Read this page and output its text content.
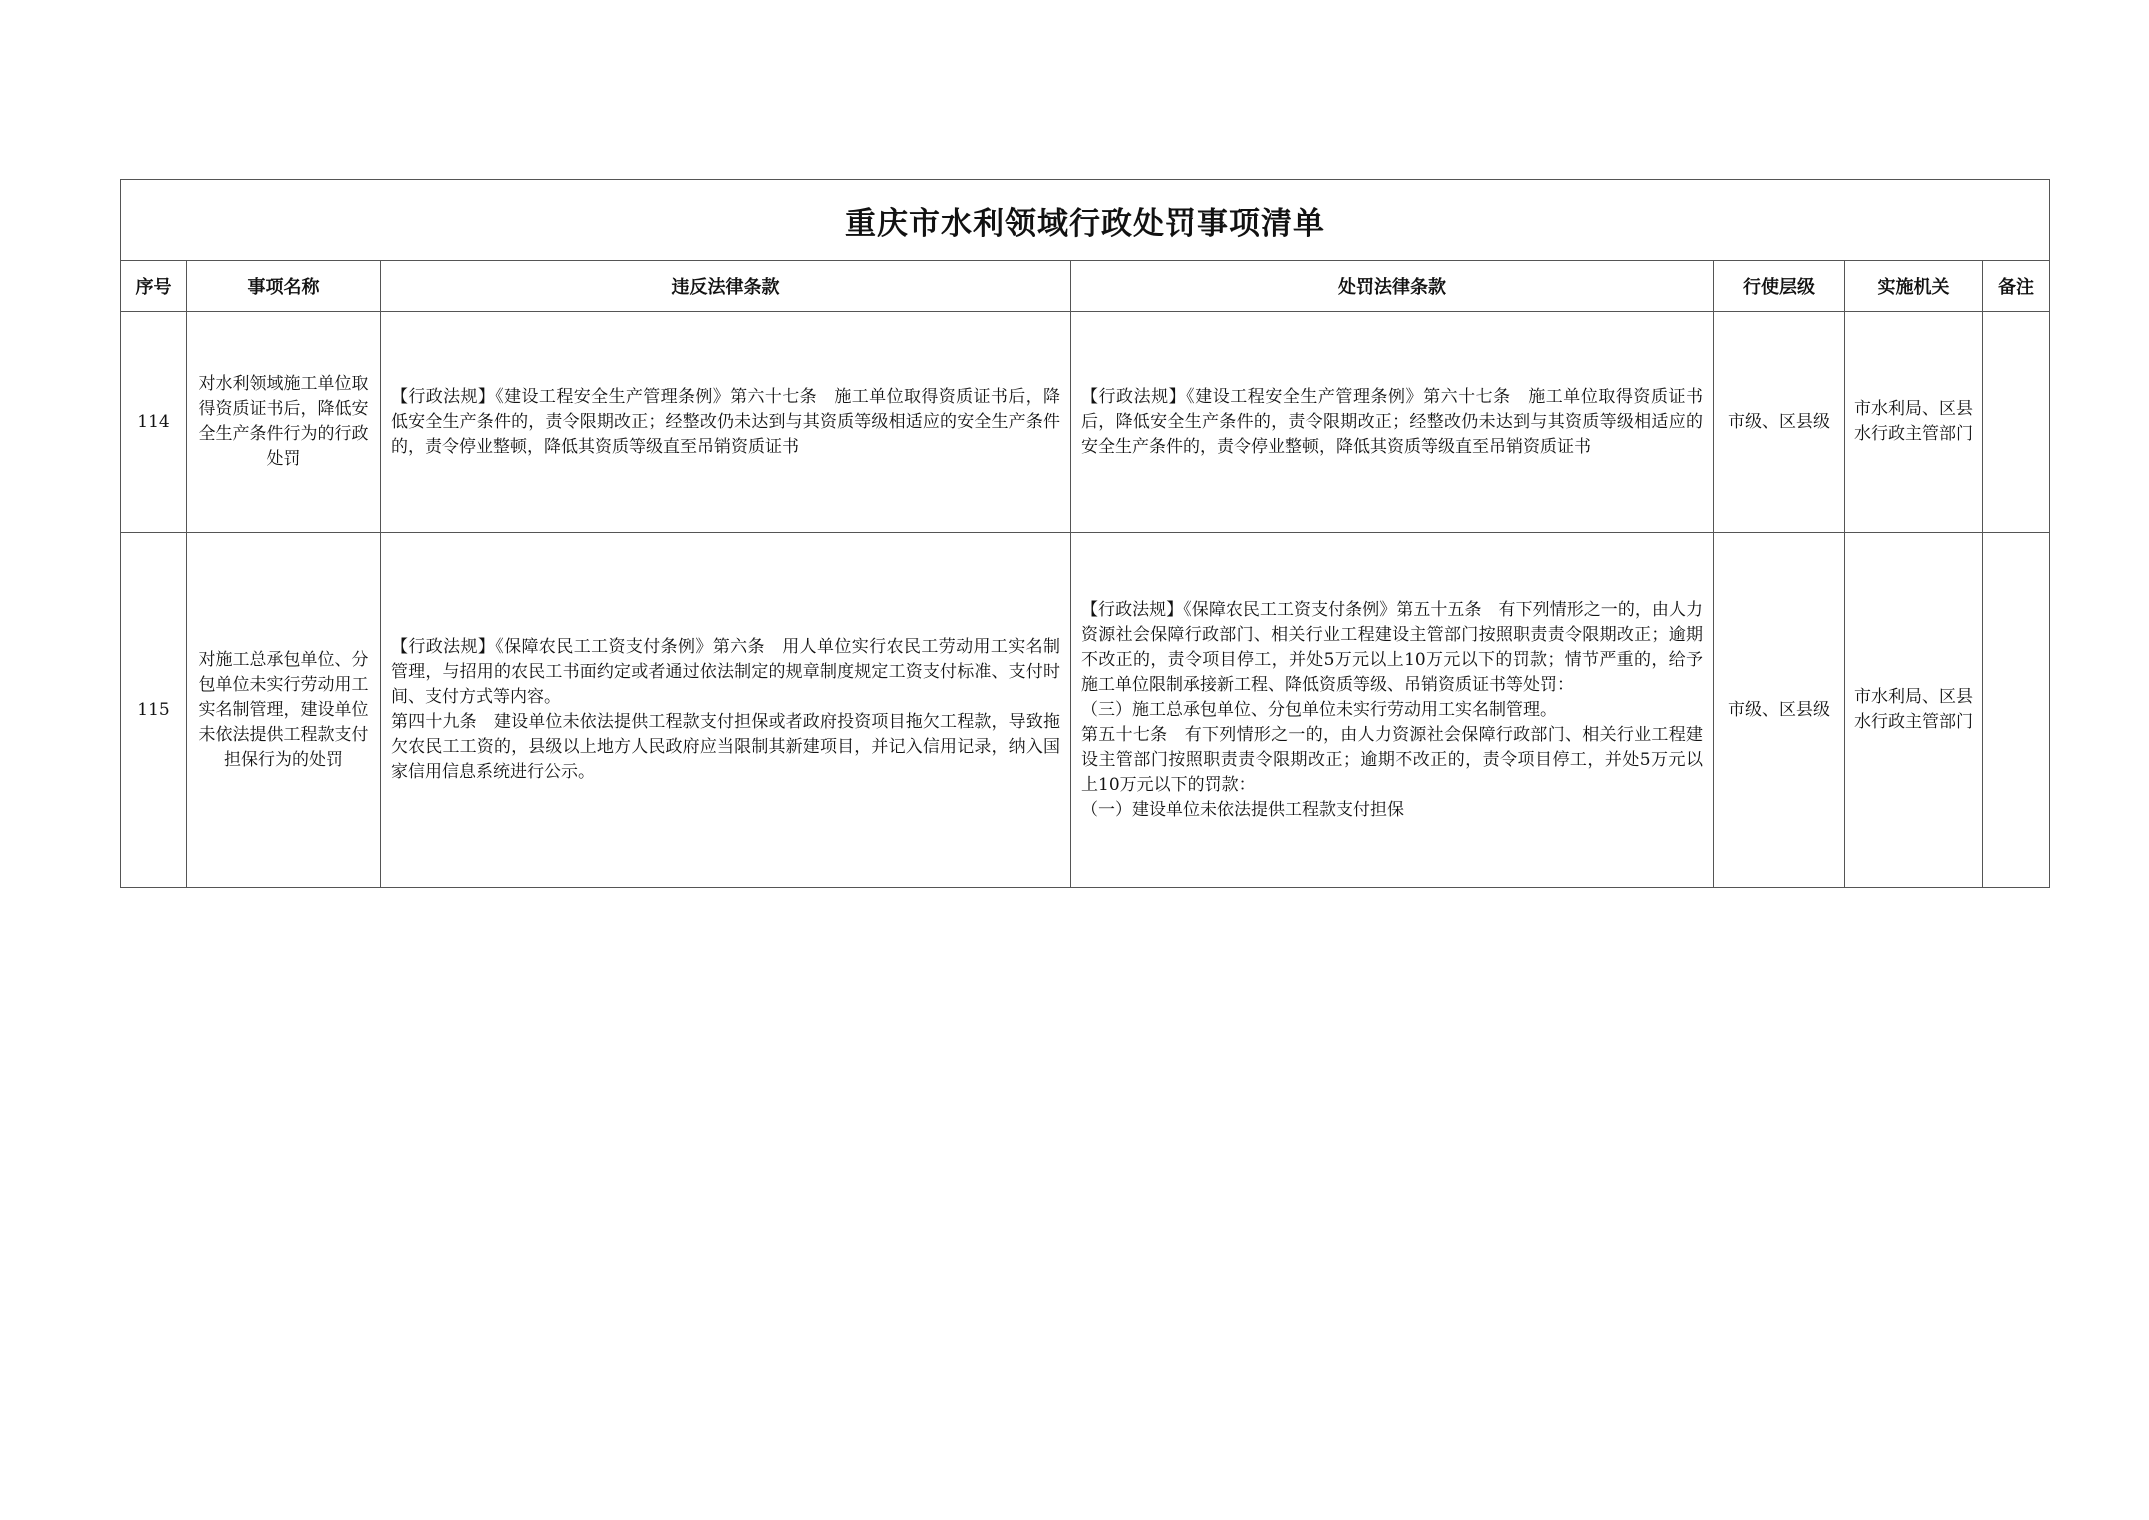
重庆市水利领域行政处罚事项清单						
序号	事项名称	违反法律条款	处罚法律条款	行使层级	实施机关	备注
114	对水利领域施工单位取得资质证书后，降低安全生产条件行为的行政处罚	【行政法规】《建设工程安全生产管理条例》第六十七条　施工单位取得资质证书后，降低安全生产条件的，责令限期改正；经整改仍未达到与其资质等级相适应的安全生产条件的，责令停业整顿，降低其资质等级直至吊销资质证书	【行政法规】《建设工程安全生产管理条例》第六十七条　施工单位取得资质证书后，降低安全生产条件的，责令限期改正；经整改仍未达到与其资质等级相适应的安全生产条件的，责令停业整顿，降低其资质等级直至吊销资质证书	市级、区县级	市水利局、区县水行政主管部门	
115	对施工总承包单位、分包单位未实行劳动用工实名制管理，建设单位未依法提供工程款支付担保行为的处罚	【行政法规】《保障农民工工资支付条例》第六条　用人单位实行农民工劳动用工实名制管理，与招用的农民工书面约定或者通过依法制定的规章制度规定工资支付标准、支付时间、支付方式等内容。
第四十九条　建设单位未依法提供工程款支付担保或者政府投资项目拖欠工程款，导致拖欠农民工工资的，县级以上地方人民政府应当限制其新建项目，并记入信用记录，纳入国家信用信息系统进行公示。	【行政法规】《保障农民工工资支付条例》第五十五条　有下列情形之一的，由人力资源社会保障行政部门、相关行业工程建设主管部门按照职责责令限期改正；逾期不改正的，责令项目停工，并处5万元以上10万元以下的罚款；情节严重的，给予施工单位限制承接新工程、降低资质等级、吊销资质证书等处罚：
（三）施工总承包单位、分包单位未实行劳动用工实名制管理。
第五十七条　有下列情形之一的，由人力资源社会保障行政部门、相关行业工程建设主管部门按照职责责令限期改正；逾期不改正的，责令项目停工，并处5万元以上10万元以下的罚款：
（一）建设单位未依法提供工程款支付担保	市级、区县级	市水利局、区县水行政主管部门	
